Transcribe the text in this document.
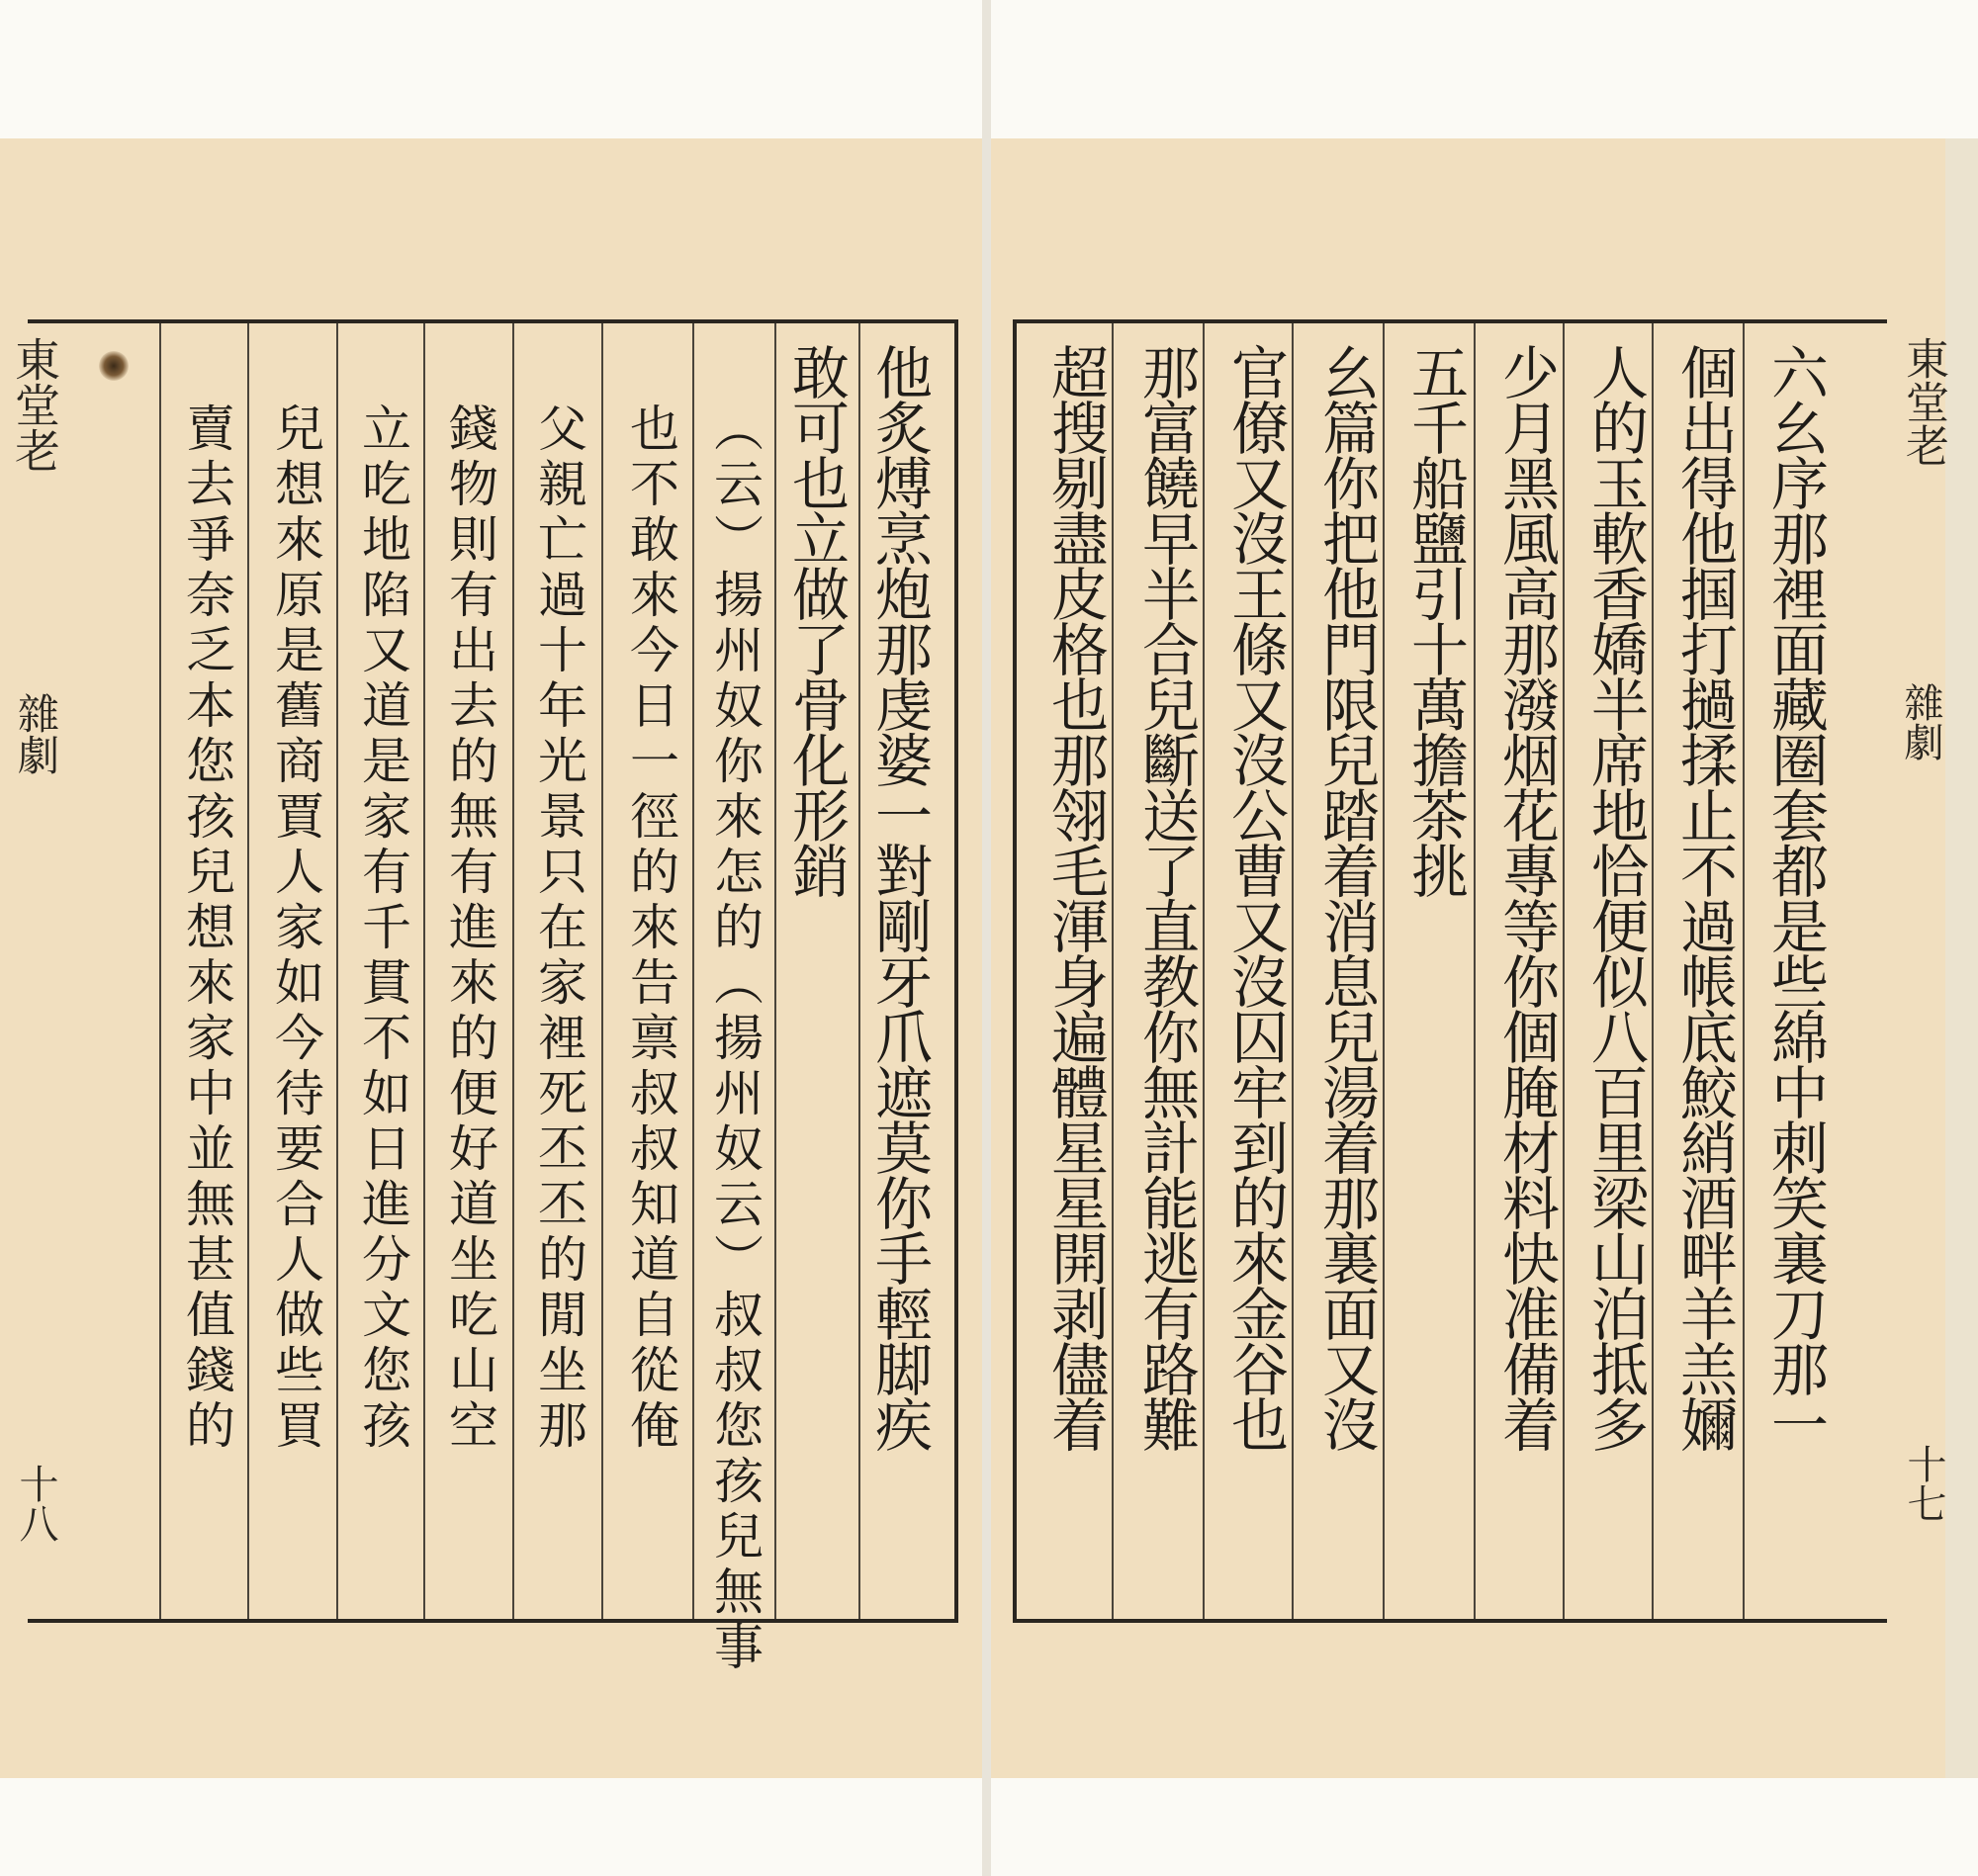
東堂老
雜劇
十八
他炙煿烹炮那虔婆一對剛牙爪遮莫你手輕脚疾
敢可也立做了骨化形銷
（云）揚州奴你來怎的（揚州奴云）叔叔您孩兒無事
也不敢來今日一徑的來告禀叔叔知道自從俺
父親亡過十年光景只在家裡死丕丕的閒坐那
錢物則有出去的無有進來的便好道坐吃山空
立吃地陷又道是家有千貫不如日進分文您孩
兒想來原是舊商賈人家如今待要合人做些買
賣去爭奈乏本您孩兒想來家中並無甚值錢的
東堂老
雜劇
十七
六幺序那裡面藏圈套都是些綿中刺笑裏刀那一
個出得他掴打撾揉止不過帳底鮫綃酒畔羊羔嬭
人的玉軟香嬌半席地恰便似八百里梁山泊抵多
少月黑風高那潑烟花專等你個腌材料快准備着
五千船鹽引十萬擔茶挑
幺篇你把他門限兒踏着消息兒湯着那裏面又沒
官僚又沒王條又沒公曹又沒囚牢到的來金谷也
那富饒早半合兒斷送了直教你無計能逃有路難
超搜剔盡皮格也那翎毛渾身遍體星星開剥儘着
